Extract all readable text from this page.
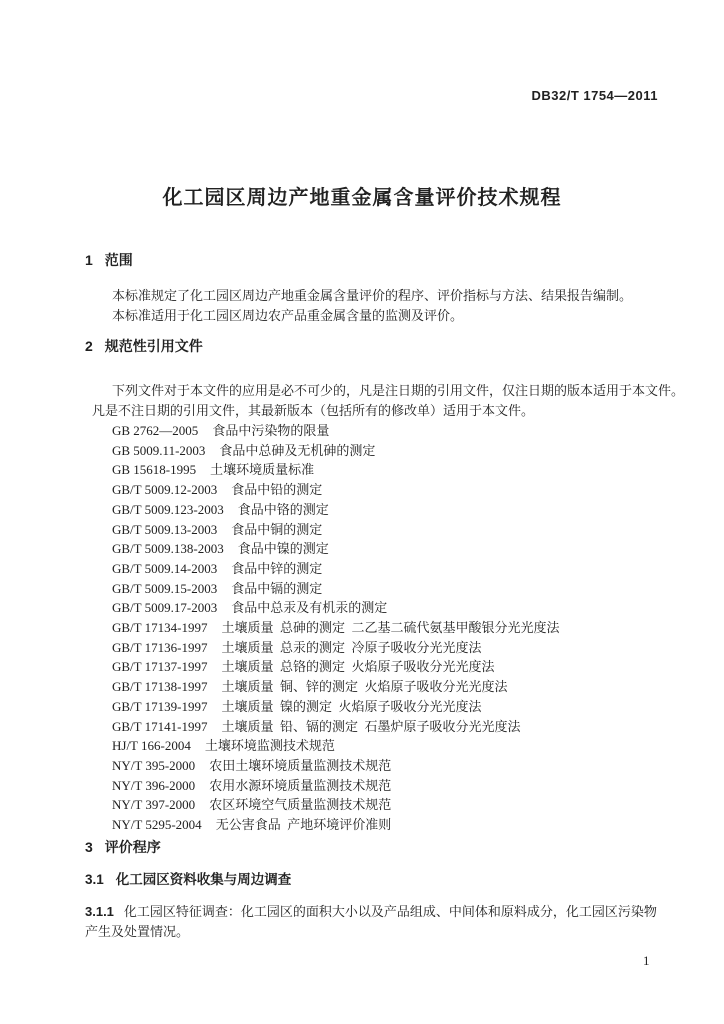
DB32/T 1754—2011
化工园区周边产地重金属含量评价技术规程
1 范围
本标准规定了化工园区周边产地重金属含量评价的程序、评价指标与方法、结果报告编制。
本标准适用于化工园区周边农产品重金属含量的监测及评价。
2 规范性引用文件
下列文件对于本文件的应用是必不可少的，凡是注日期的引用文件，仅注日期的版本适用于本文件。
凡是不注日期的引用文件，其最新版本（包括所有的修改单）适用于本文件。
GB 2762—2005 食品中污染物的限量
GB 5009.11-2003 食品中总砷及无机砷的测定
GB 15618-1995 土壤环境质量标准
GB/T 5009.12-2003 食品中铅的测定
GB/T 5009.123-2003 食品中铬的测定
GB/T 5009.13-2003 食品中铜的测定
GB/T 5009.138-2003 食品中镍的测定
GB/T 5009.14-2003 食品中锌的测定
GB/T 5009.15-2003 食品中镉的测定
GB/T 5009.17-2003 食品中总汞及有机汞的测定
GB/T 17134-1997 土壤质量  总砷的测定  二乙基二硫代氨基甲酸银分光光度法
GB/T 17136-1997 土壤质量  总汞的测定  冷原子吸收分光光度法
GB/T 17137-1997 土壤质量  总铬的测定  火焰原子吸收分光光度法
GB/T 17138-1997 土壤质量  铜、锌的测定  火焰原子吸收分光光度法
GB/T 17139-1997 土壤质量  镍的测定  火焰原子吸收分光光度法
GB/T 17141-1997 土壤质量  铅、镉的测定  石墨炉原子吸收分光光度法
HJ/T 166-2004 土壤环境监测技术规范
NY/T 395-2000 农田土壤环境质量监测技术规范
NY/T 396-2000 农用水源环境质量监测技术规范
NY/T 397-2000 农区环境空气质量监测技术规范
NY/T 5295-2004 无公害食品  产地环境评价准则
3 评价程序
3.1 化工园区资料收集与周边调查
3.1.1 化工园区特征调查：化工园区的面积大小以及产品组成、中间体和原料成分，化工园区污染物产生及处置情况。
1
